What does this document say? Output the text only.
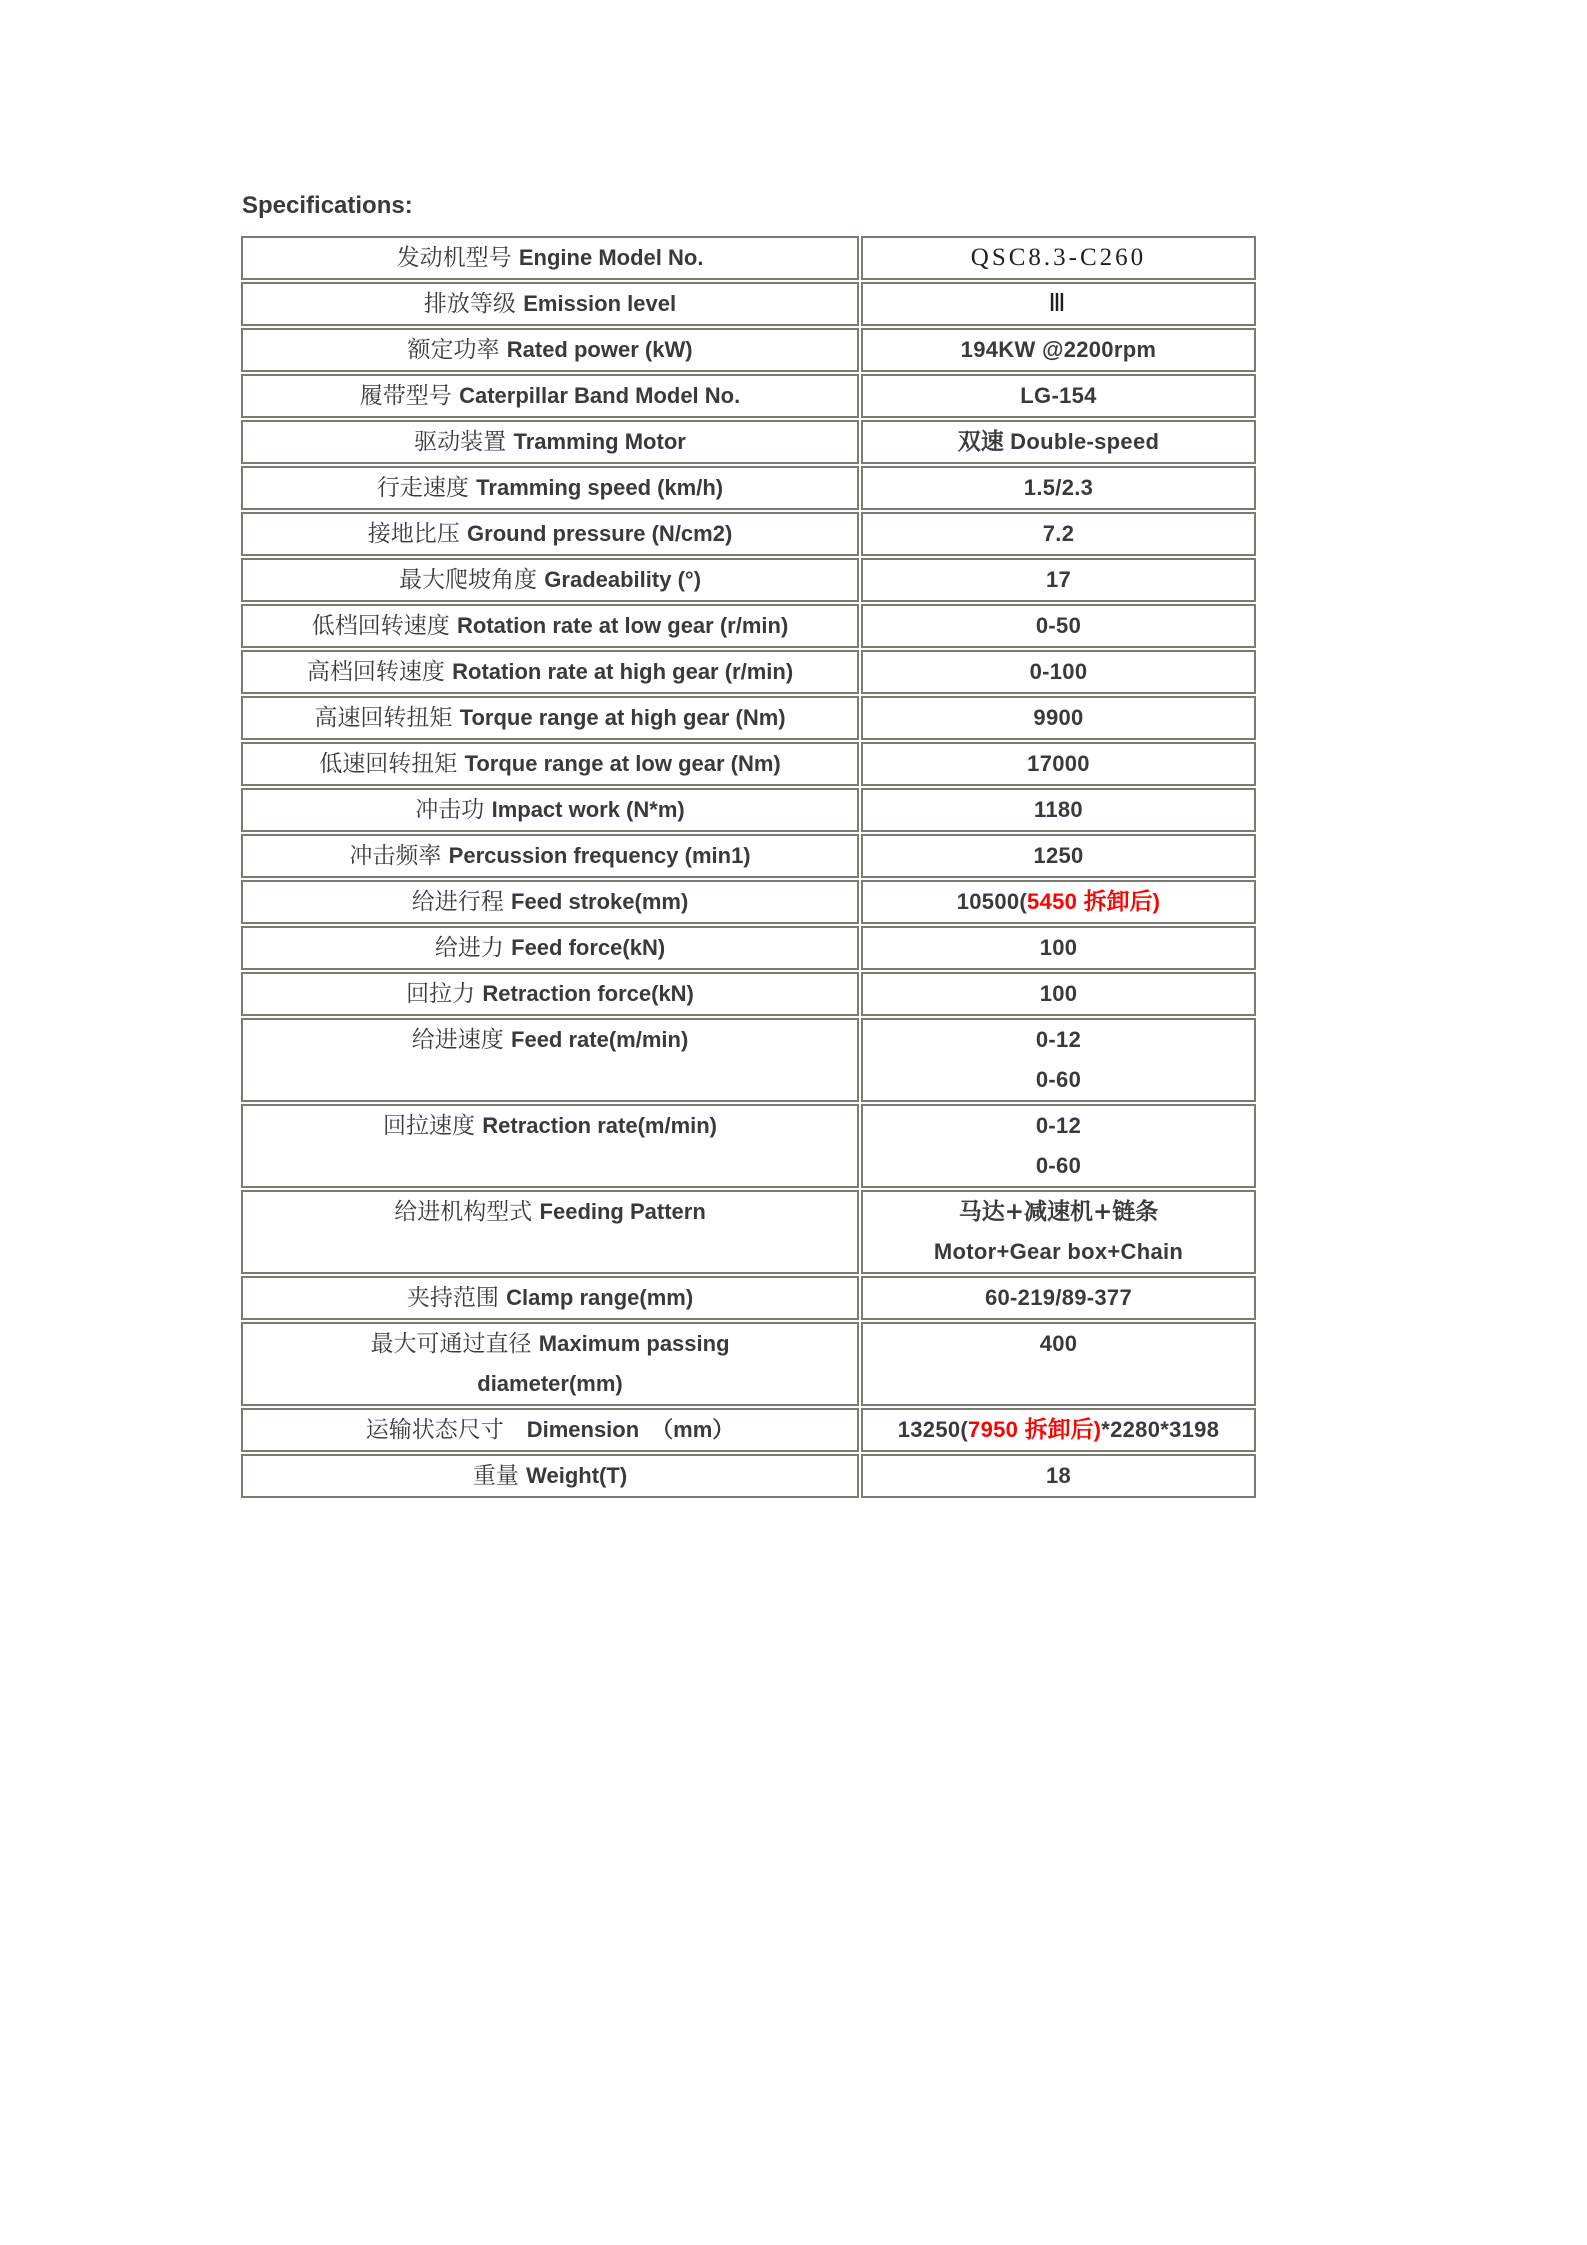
Specifications:
发动机型号 Engine Model No.	QSC8.3-C260

排放等级 Emission level	Ⅲ

额定功率 Rated power (kW)	194KW @2200rpm

履带型号 Caterpillar Band Model No.	LG-154

驱动装置 Tramming Motor	双速 Double-speed

行走速度 Tramming speed (km/h)	1.5/2.3

接地比压 Ground pressure (N/cm2)	7.2

最大爬坡角度 Gradeability (°)	17

低档回转速度 Rotation rate at low gear (r/min)	0-50

高档回转速度 Rotation rate at high gear (r/min)	0-100

高速回转扭矩 Torque range at high gear (Nm)	9900

低速回转扭矩 Torque range at low gear (Nm)	17000

冲击功 Impact work (N*m)	1180

冲击频率 Percussion frequency (min1)	1250

给进行程 Feed stroke(mm)	10500(5450 拆卸后)

给进力 Feed force(kN)	100

回拉力 Retraction force(kN)	100

给进速度 Feed rate(m/min)	0-12
0-60

回拉速度 Retraction rate(m/min)	0-12
0-60

给进机构型式 Feeding Pattern	马达+减速机+链条
Motor+Gear box+Chain

夹持范围 Clamp range(mm)	60-219/89-377

最大可通过直径 Maximum passing
diameter(mm)	400

运输状态尺寸　 Dimension　 （mm）	13250(7950 拆卸后)*2280*3198

重量 Weight(T)	18
